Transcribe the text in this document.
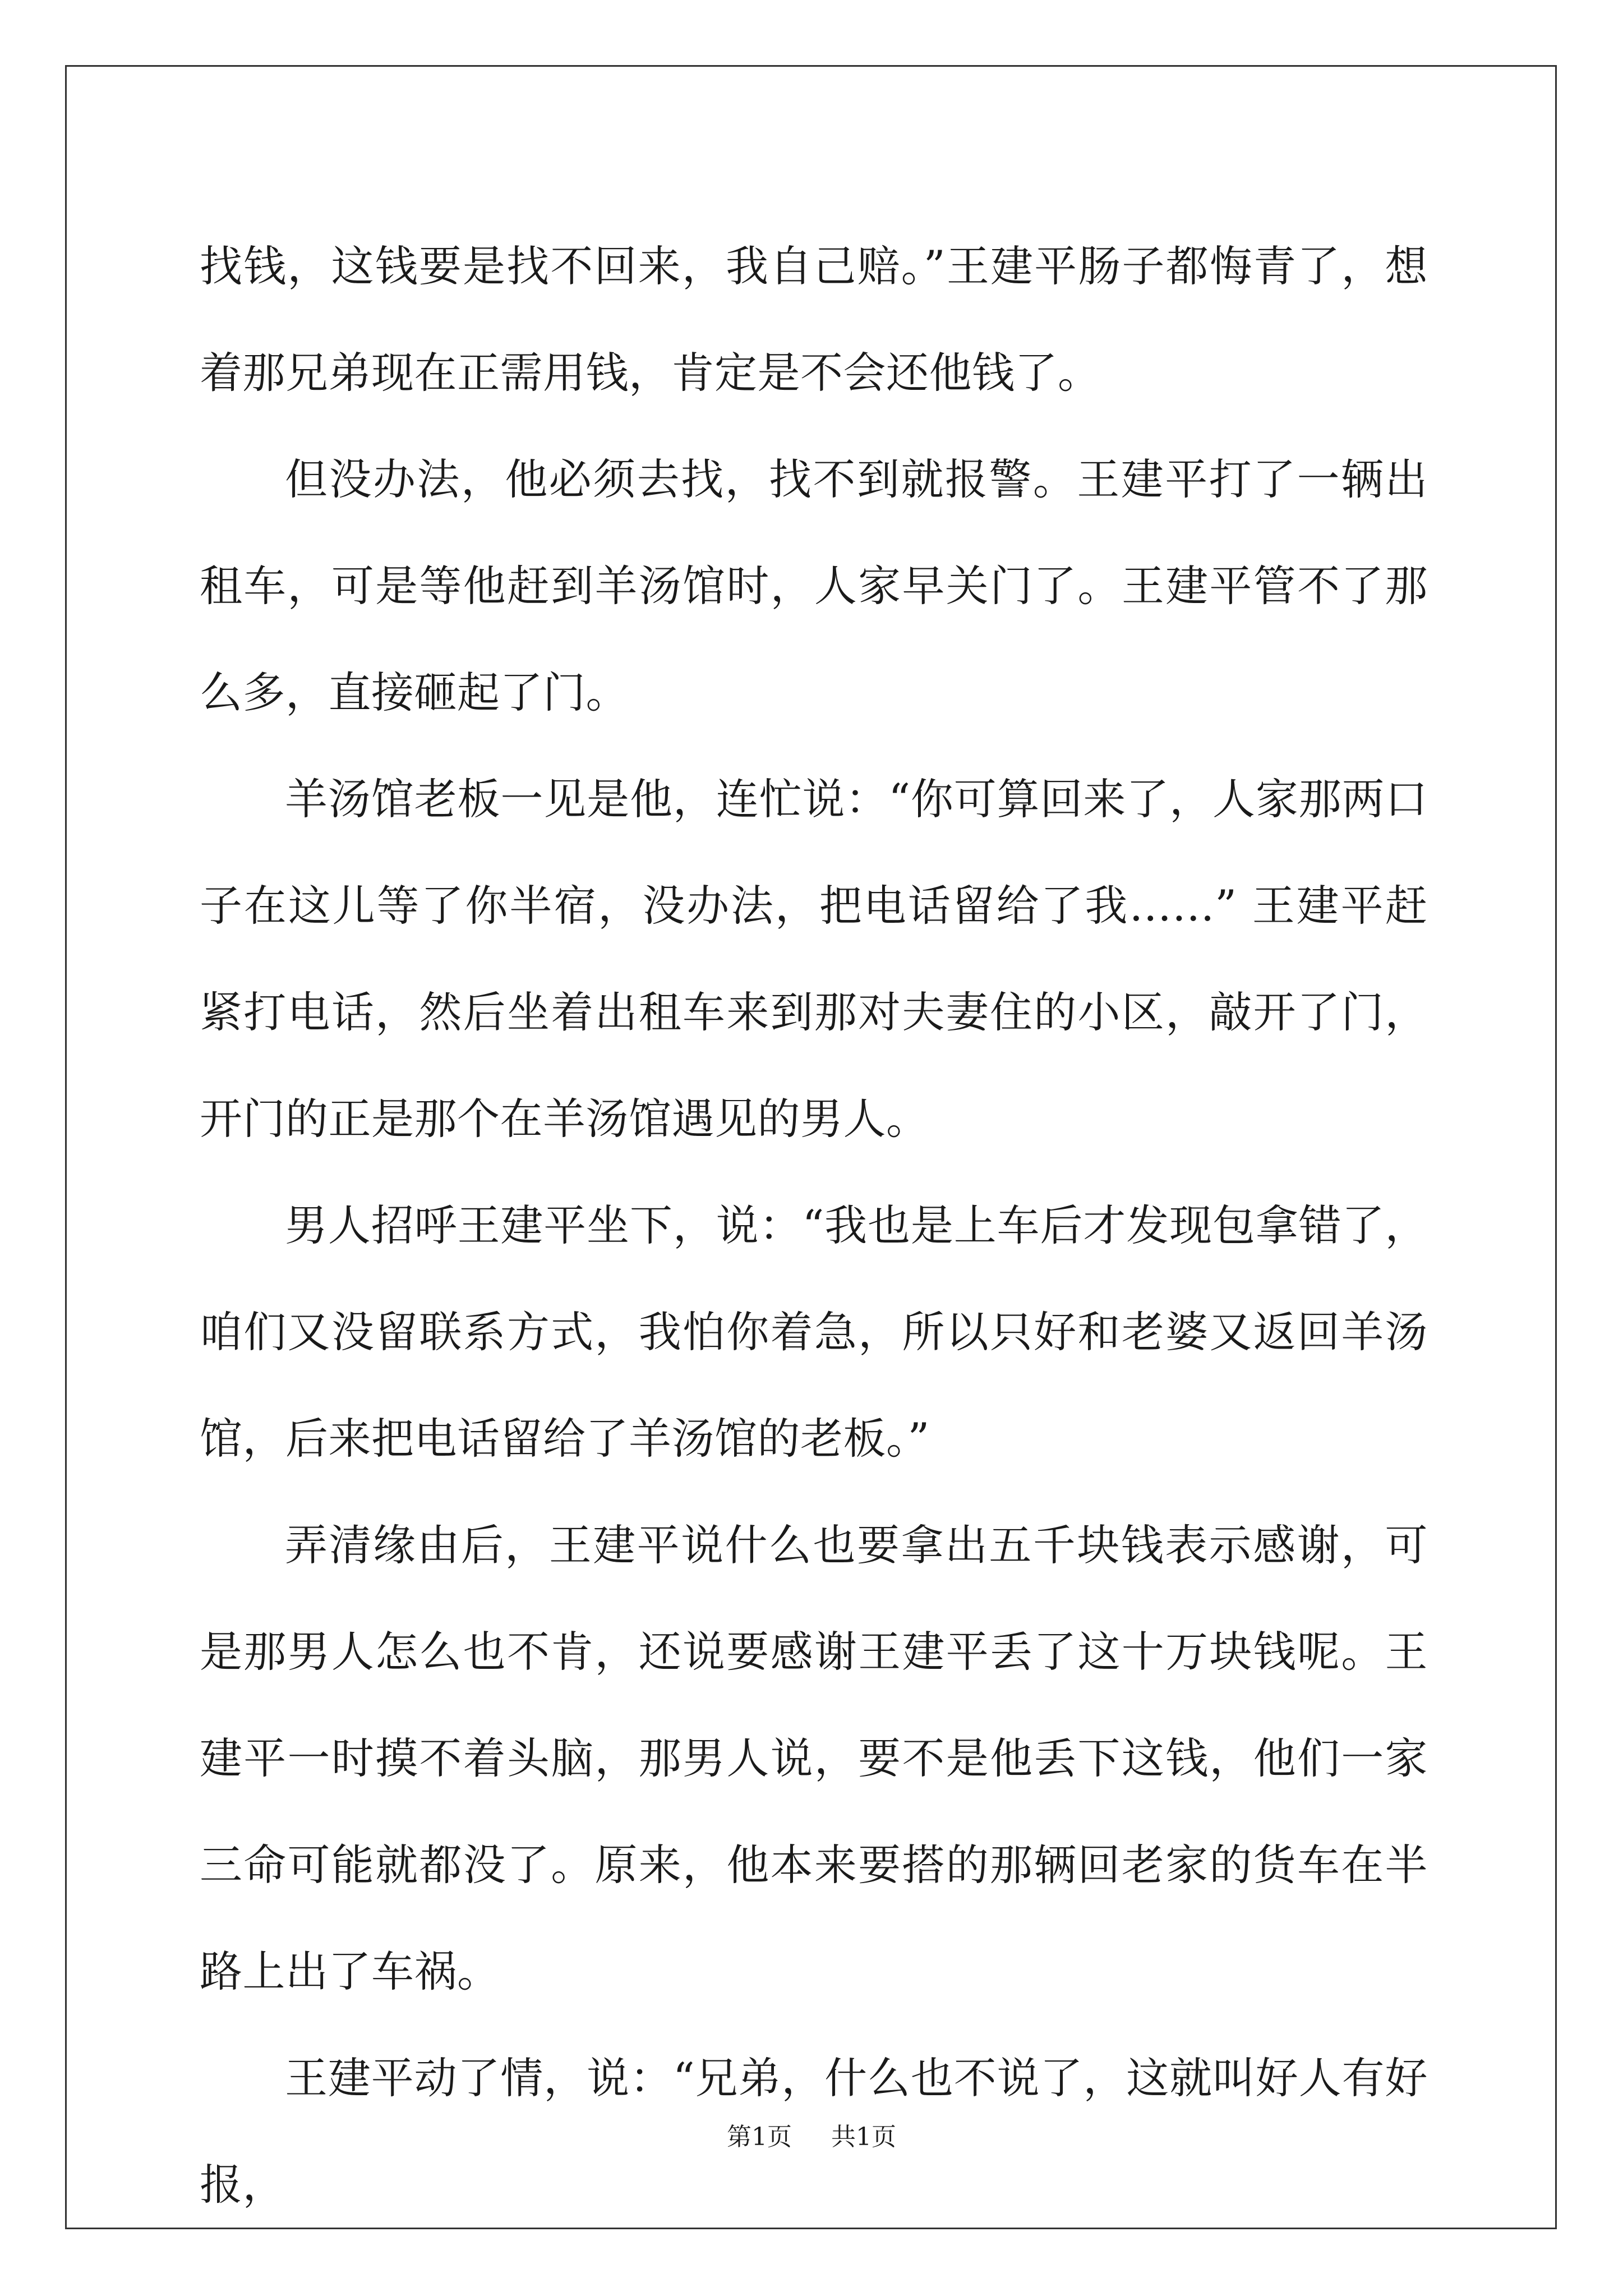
找钱，这钱要是找不回来，我自己赔。”王建平肠子都悔青了，想着那兄弟现在正需用钱，肯定是不会还他钱了。

但没办法，他必须去找，找不到就报警。王建平打了一辆出租车，可是等他赶到羊汤馆时，人家早关门了。王建平管不了那么多，直接砸起了门。

羊汤馆老板一见是他，连忙说：“你可算回来了，人家那两口子在这儿等了你半宿，没办法，把电话留给了我……” 王建平赶紧打电话，然后坐着出租车来到那对夫妻住的小区，敲开了门，开门的正是那个在羊汤馆遇见的男人。

男人招呼王建平坐下，说：“我也是上车后才发现包拿错了，咱们又没留联系方式，我怕你着急，所以只好和老婆又返回羊汤馆，后来把电话留给了羊汤馆的老板。”

弄清缘由后，王建平说什么也要拿出五千块钱表示感谢，可是那男人怎么也不肯，还说要感谢王建平丢了这十万块钱呢。王建平一时摸不着头脑，那男人说，要不是他丢下这钱，他们一家三命可能就都没了。原来，他本来要搭的那辆回老家的货车在半路上出了车祸。

王建平动了情，说：“兄弟，什么也不说了，这就叫好人有好报，

第1页 共1页
